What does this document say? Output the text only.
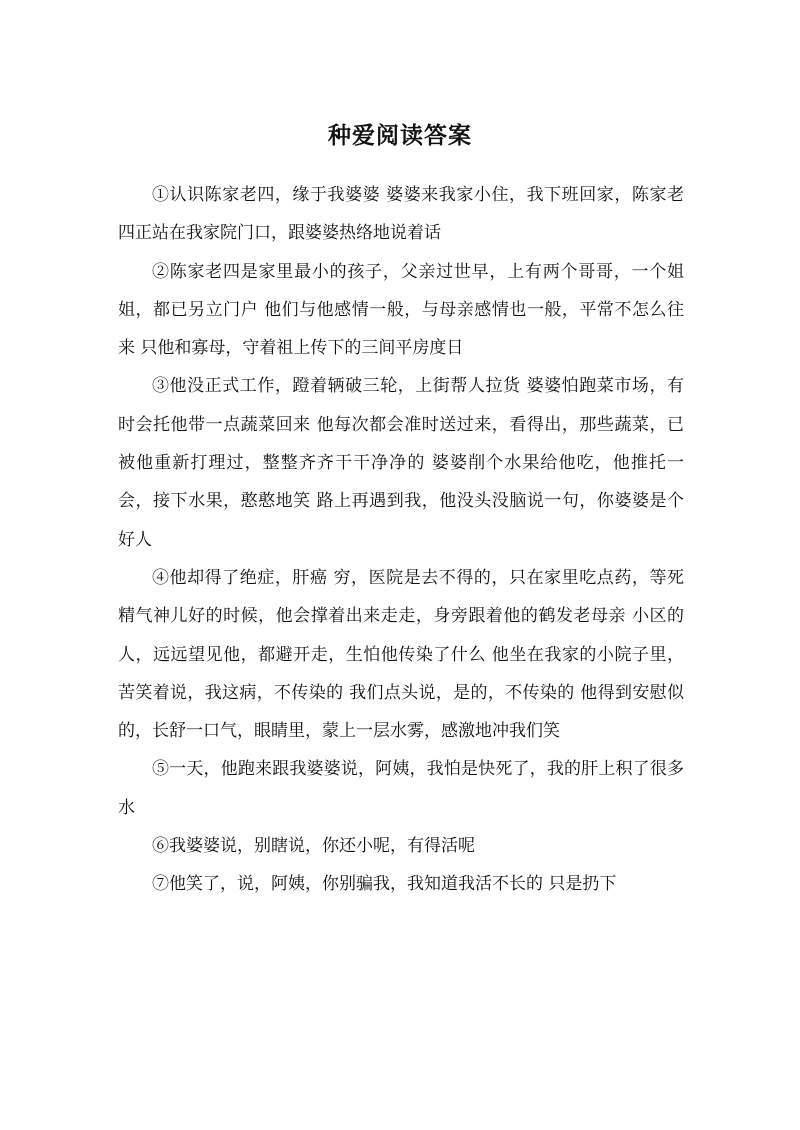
种爱阅读答案

①认识陈家老四，缘于我婆婆 婆婆来我家小住，我下班回家，陈家老四正站在我家院门口，跟婆婆热络地说着话

②陈家老四是家里最小的孩子，父亲过世早，上有两个哥哥，一个姐姐，都已另立门户 他们与他感情一般，与母亲感情也一般，平常不怎么往来 只他和寡母，守着祖上传下的三间平房度日

③他没正式工作，蹬着辆破三轮，上街帮人拉货 婆婆怕跑菜市场，有时会托他带一点蔬菜回来 他每次都会准时送过来，看得出，那些蔬菜，已被他重新打理过，整整齐齐干干净净的 婆婆削个水果给他吃，他推托一会，接下水果，憨憨地笑 路上再遇到我，他没头没脑说一句，你婆婆是个好人

④他却得了绝症，肝癌 穷，医院是去不得的，只在家里吃点药，等死 精气神儿好的时候，他会撑着出来走走，身旁跟着他的鹤发老母亲 小区的人，远远望见他，都避开走，生怕他传染了什么 他坐在我家的小院子里，苦笑着说，我这病，不传染的 我们点头说，是的，不传染的 他得到安慰似的，长舒一口气，眼睛里，蒙上一层水雾，感激地冲我们笑

⑤一天，他跑来跟我婆婆说，阿姨，我怕是快死了，我的肝上积了很多水

⑥我婆婆说，别瞎说，你还小呢，有得活呢

⑦他笑了，说，阿姨，你别骗我，我知道我活不长的 只是扔下
